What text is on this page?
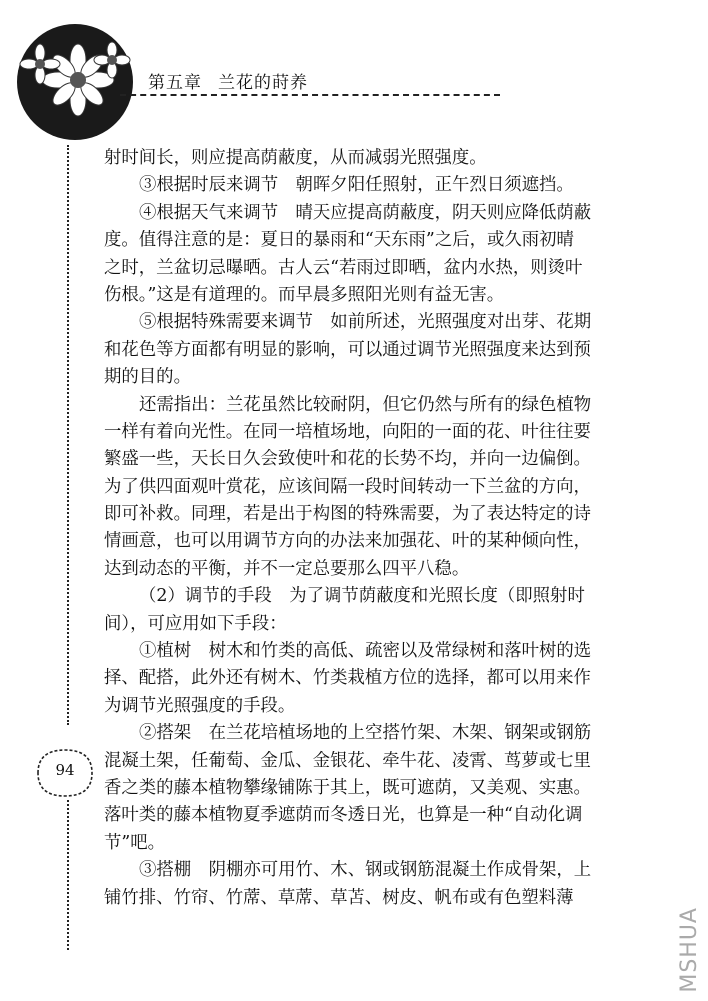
第五章 兰花的莳养
94
射时间长，则应提高荫蔽度，从而减弱光照强度。
③根据时辰来调节　朝晖夕阳任照射，正午烈日须遮挡。
④根据天气来调节　晴天应提高荫蔽度，阴天则应降低荫蔽
度。值得注意的是：夏日的暴雨和“天东雨”之后，或久雨初晴
之时，兰盆切忌曝晒。古人云“若雨过即晒，盆内水热，则烫叶
伤根。”这是有道理的。而早晨多照阳光则有益无害。
⑤根据特殊需要来调节　如前所述，光照强度对出芽、花期
和花色等方面都有明显的影响，可以通过调节光照强度来达到预
期的目的。
还需指出：兰花虽然比较耐阴，但它仍然与所有的绿色植物
一样有着向光性。在同一培植场地，向阳的一面的花、叶往往要
繁盛一些，天长日久会致使叶和花的长势不均，并向一边偏倒。
为了供四面观叶赏花，应该间隔一段时间转动一下兰盆的方向，
即可补救。同理，若是出于构图的特殊需要，为了表达特定的诗
情画意，也可以用调节方向的办法来加强花、叶的某种倾向性，
达到动态的平衡，并不一定总要那么四平八稳。
（2）调节的手段　为了调节荫蔽度和光照长度（即照射时
间），可应用如下手段：
①植树　树木和竹类的高低、疏密以及常绿树和落叶树的选
择、配搭，此外还有树木、竹类栽植方位的选择，都可以用来作
为调节光照强度的手段。
②搭架　在兰花培植场地的上空搭竹架、木架、钢架或钢筋
混凝土架，任葡萄、金瓜、金银花、牵牛花、凌霄、茑萝或七里
香之类的藤本植物攀缘铺陈于其上，既可遮荫，又美观、实惠。
落叶类的藤本植物夏季遮荫而冬透日光，也算是一种“自动化调
节”吧。
③搭棚　阴棚亦可用竹、木、钢或钢筋混凝土作成骨架，上
铺竹排、竹帘、竹蓆、草蓆、草苫、树皮、帆布或有色塑料薄
MSHUA
